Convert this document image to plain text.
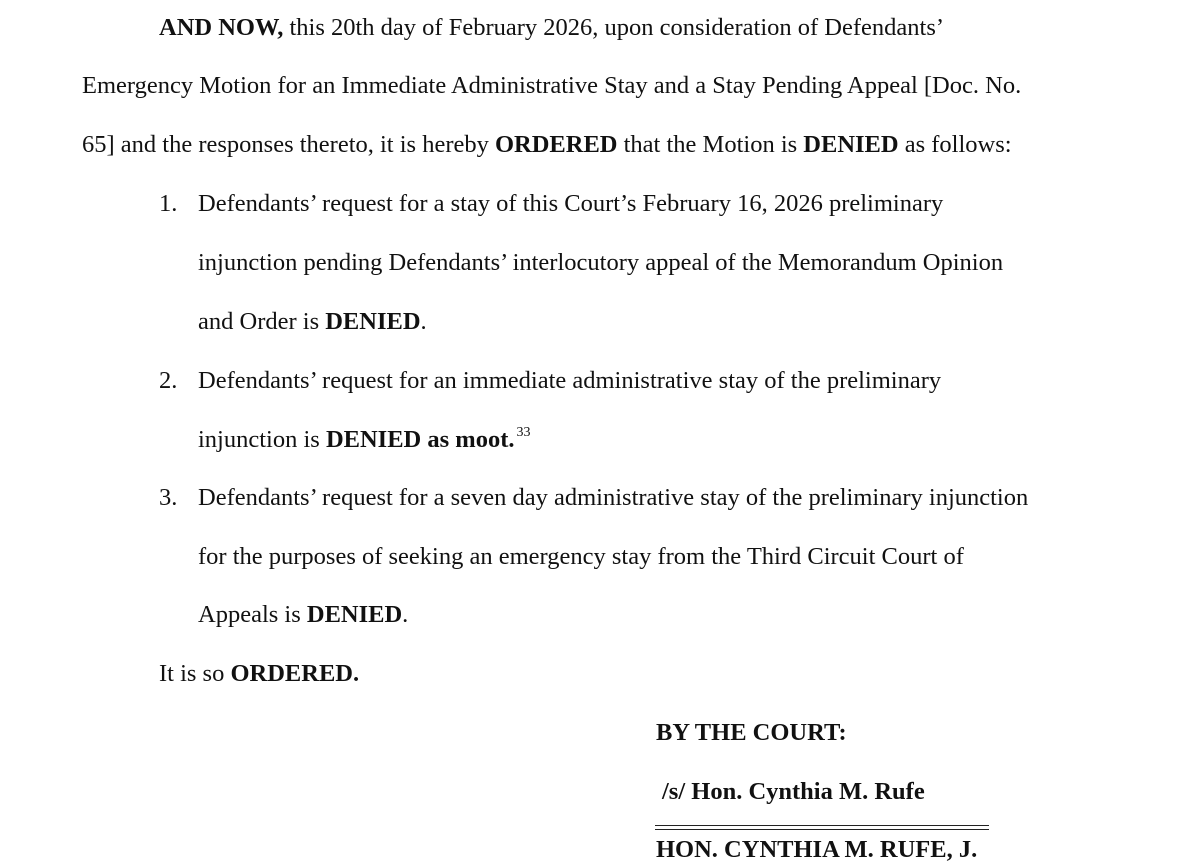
AND NOW, this 20th day of February 2026, upon consideration of Defendants’
Emergency Motion for an Immediate Administrative Stay and a Stay Pending Appeal [Doc. No.
65] and the responses thereto, it is hereby ORDERED that the Motion is DENIED as follows:
1. Defendants’ request for a stay of this Court’s February 16, 2026 preliminary
injunction pending Defendants’ interlocutory appeal of the Memorandum Opinion
and Order is DENIED.
2. Defendants’ request for an immediate administrative stay of the preliminary
injunction is DENIED as moot. $^{33}$
3. Defendants’ request for a seven day administrative stay of the preliminary injunction
for the purposes of seeking an emergency stay from the Third Circuit Court of
Appeals is DENIED.
It is so ORDERED.
BY THE COURT:
/s/ Hon. Cynthia M. Rufe
HON. CYNTHIA M. RUFE, J.
